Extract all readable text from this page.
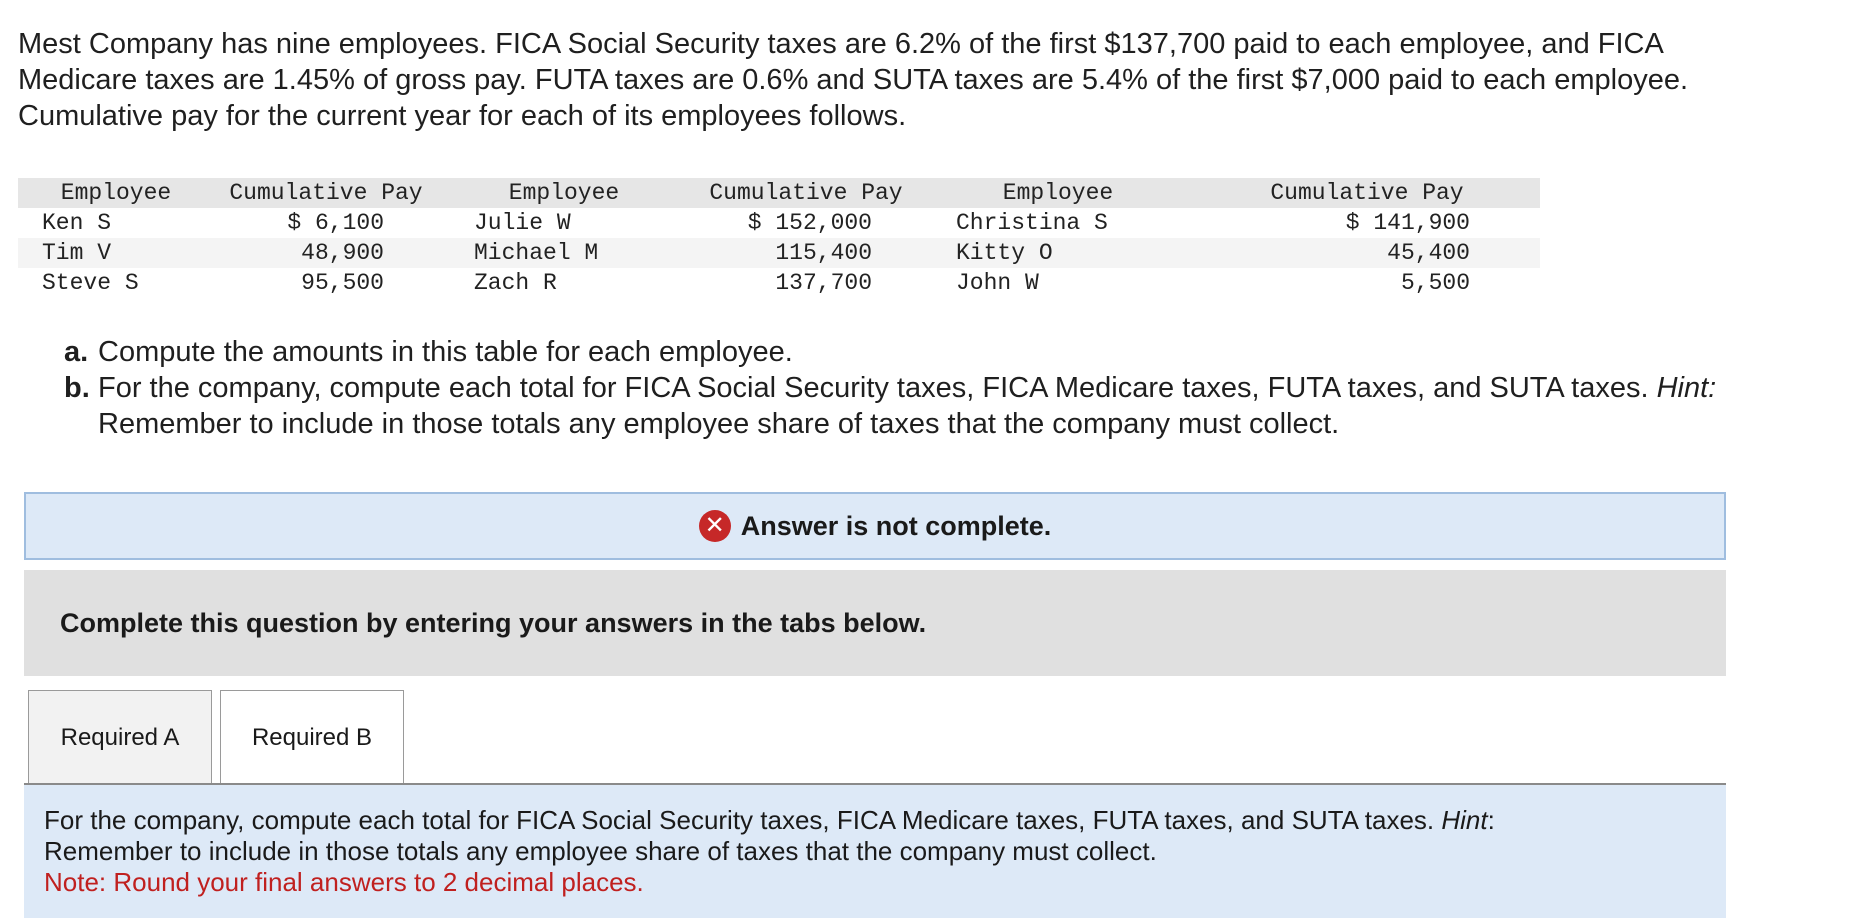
Mest Company has nine employees. FICA Social Security taxes are 6.2% of the first $137,700 paid to each employee, and FICA

Medicare taxes are 1.45% of gross pay. FUTA taxes are 0.6% and SUTA taxes are 5.4% of the first $7,000 paid to each employee.

Cumulative pay for the current year for each of its employees follows.

Employee	Cumulative Pay	Employee	Cumulative Pay	Employee	Cumulative Pay
Ken S	$ 6,100	Julie W	$ 152,000	Christina S	$ 141,900
Tim V	48,900	Michael M	115,400	Kitty O	45,400
Steve S	95,500	Zach R	137,700	John W	5,500
a. Compute the amounts in this table for each employee.
b. For the company, compute each total for FICA Social Security taxes, FICA Medicare taxes, FUTA taxes, and SUTA taxes. Hint:
Remember to include in those totals any employee share of taxes that the company must collect.
✕ Answer is not complete.
Complete this question by entering your answers in the tabs below.
Required A	Required B

For the company, compute each total for FICA Social Security taxes, FICA Medicare taxes, FUTA taxes, and SUTA taxes. Hint:

Remember to include in those totals any employee share of taxes that the company must collect.

Note: Round your final answers to 2 decimal places.
